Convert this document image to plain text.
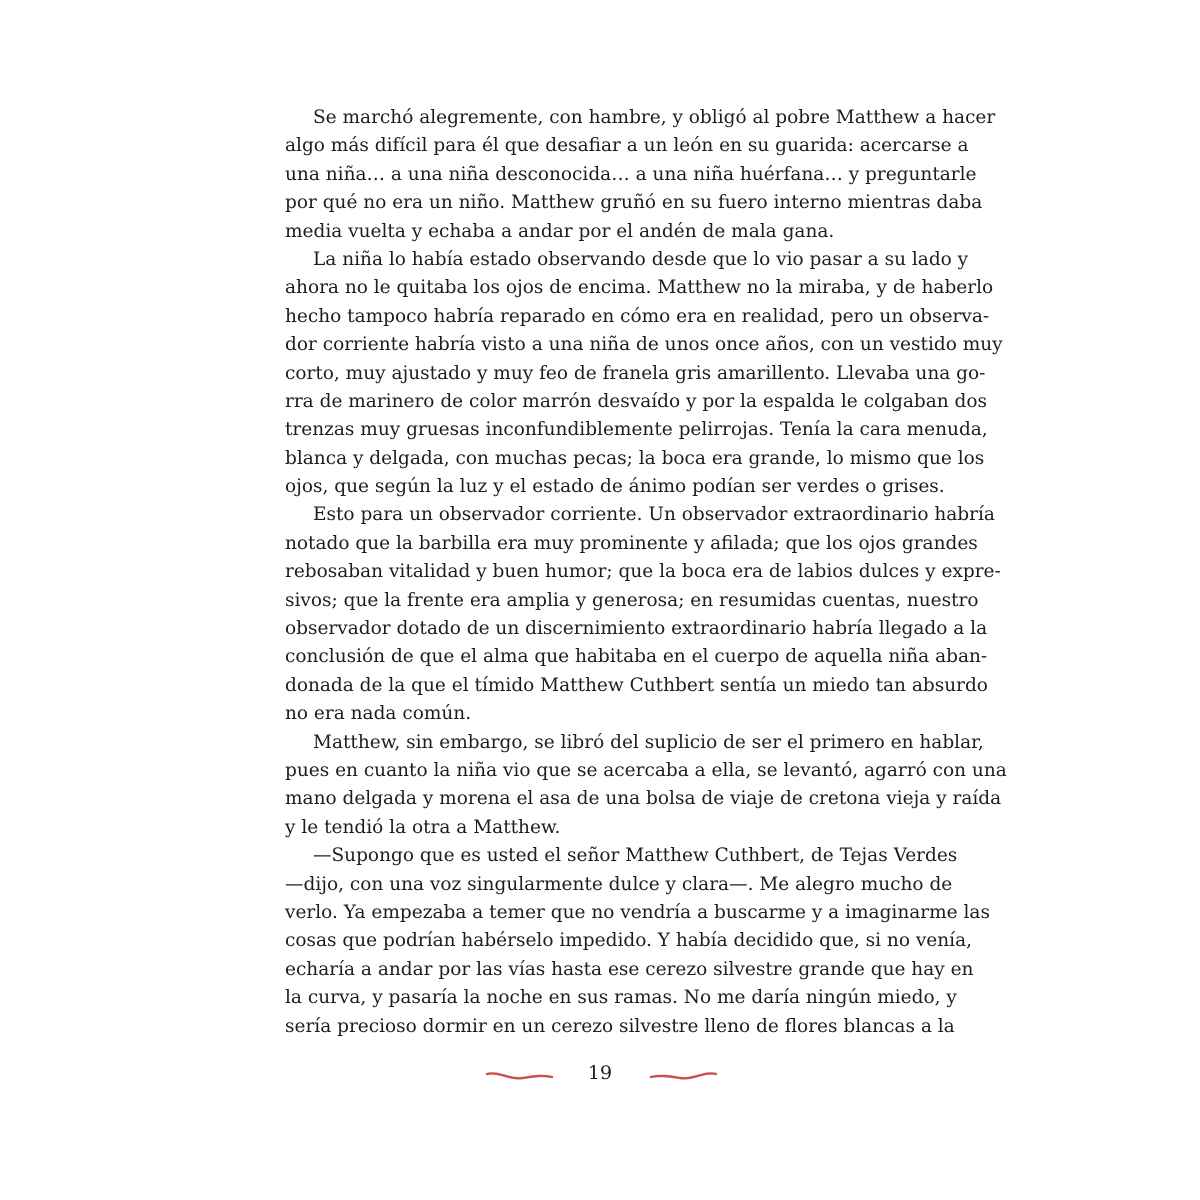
Se marchó alegremente, con hambre, y obligó al pobre Matthew a hacer
algo más difícil para él que desafiar a un león en su guarida: acercarse a
una niña… a una niña desconocida… a una niña huérfana… y preguntarle
por qué no era un niño. Matthew gruñó en su fuero interno mientras daba
media vuelta y echaba a andar por el andén de mala gana.
La niña lo había estado observando desde que lo vio pasar a su lado y
ahora no le quitaba los ojos de encima. Matthew no la miraba, y de haberlo
hecho tampoco habría reparado en cómo era en realidad, pero un observa-
dor corriente habría visto a una niña de unos once años, con un vestido muy
corto, muy ajustado y muy feo de franela gris amarillento. Llevaba una go-
rra de marinero de color marrón desvaído y por la espalda le colgaban dos
trenzas muy gruesas inconfundiblemente pelirrojas. Tenía la cara menuda,
blanca y delgada, con muchas pecas; la boca era grande, lo mismo que los
ojos, que según la luz y el estado de ánimo podían ser verdes o grises.
Esto para un observador corriente. Un observador extraordinario habría
notado que la barbilla era muy prominente y afilada; que los ojos grandes
rebosaban vitalidad y buen humor; que la boca era de labios dulces y expre-
sivos; que la frente era amplia y generosa; en resumidas cuentas, nuestro
observador dotado de un discernimiento extraordinario habría llegado a la
conclusión de que el alma que habitaba en el cuerpo de aquella niña aban-
donada de la que el tímido Matthew Cuthbert sentía un miedo tan absurdo
no era nada común.
Matthew, sin embargo, se libró del suplicio de ser el primero en hablar,
pues en cuanto la niña vio que se acercaba a ella, se levantó, agarró con una
mano delgada y morena el asa de una bolsa de viaje de cretona vieja y raída
y le tendió la otra a Matthew.
—Supongo que es usted el señor Matthew Cuthbert, de Tejas Verdes
—dijo, con una voz singularmente dulce y clara—. Me alegro mucho de
verlo. Ya empezaba a temer que no vendría a buscarme y a imaginarme las
cosas que podrían habérselo impedido. Y había decidido que, si no venía,
echaría a andar por las vías hasta ese cerezo silvestre grande que hay en
la curva, y pasaría la noche en sus ramas. No me daría ningún miedo, y
sería precioso dormir en un cerezo silvestre lleno de flores blancas a la
19
